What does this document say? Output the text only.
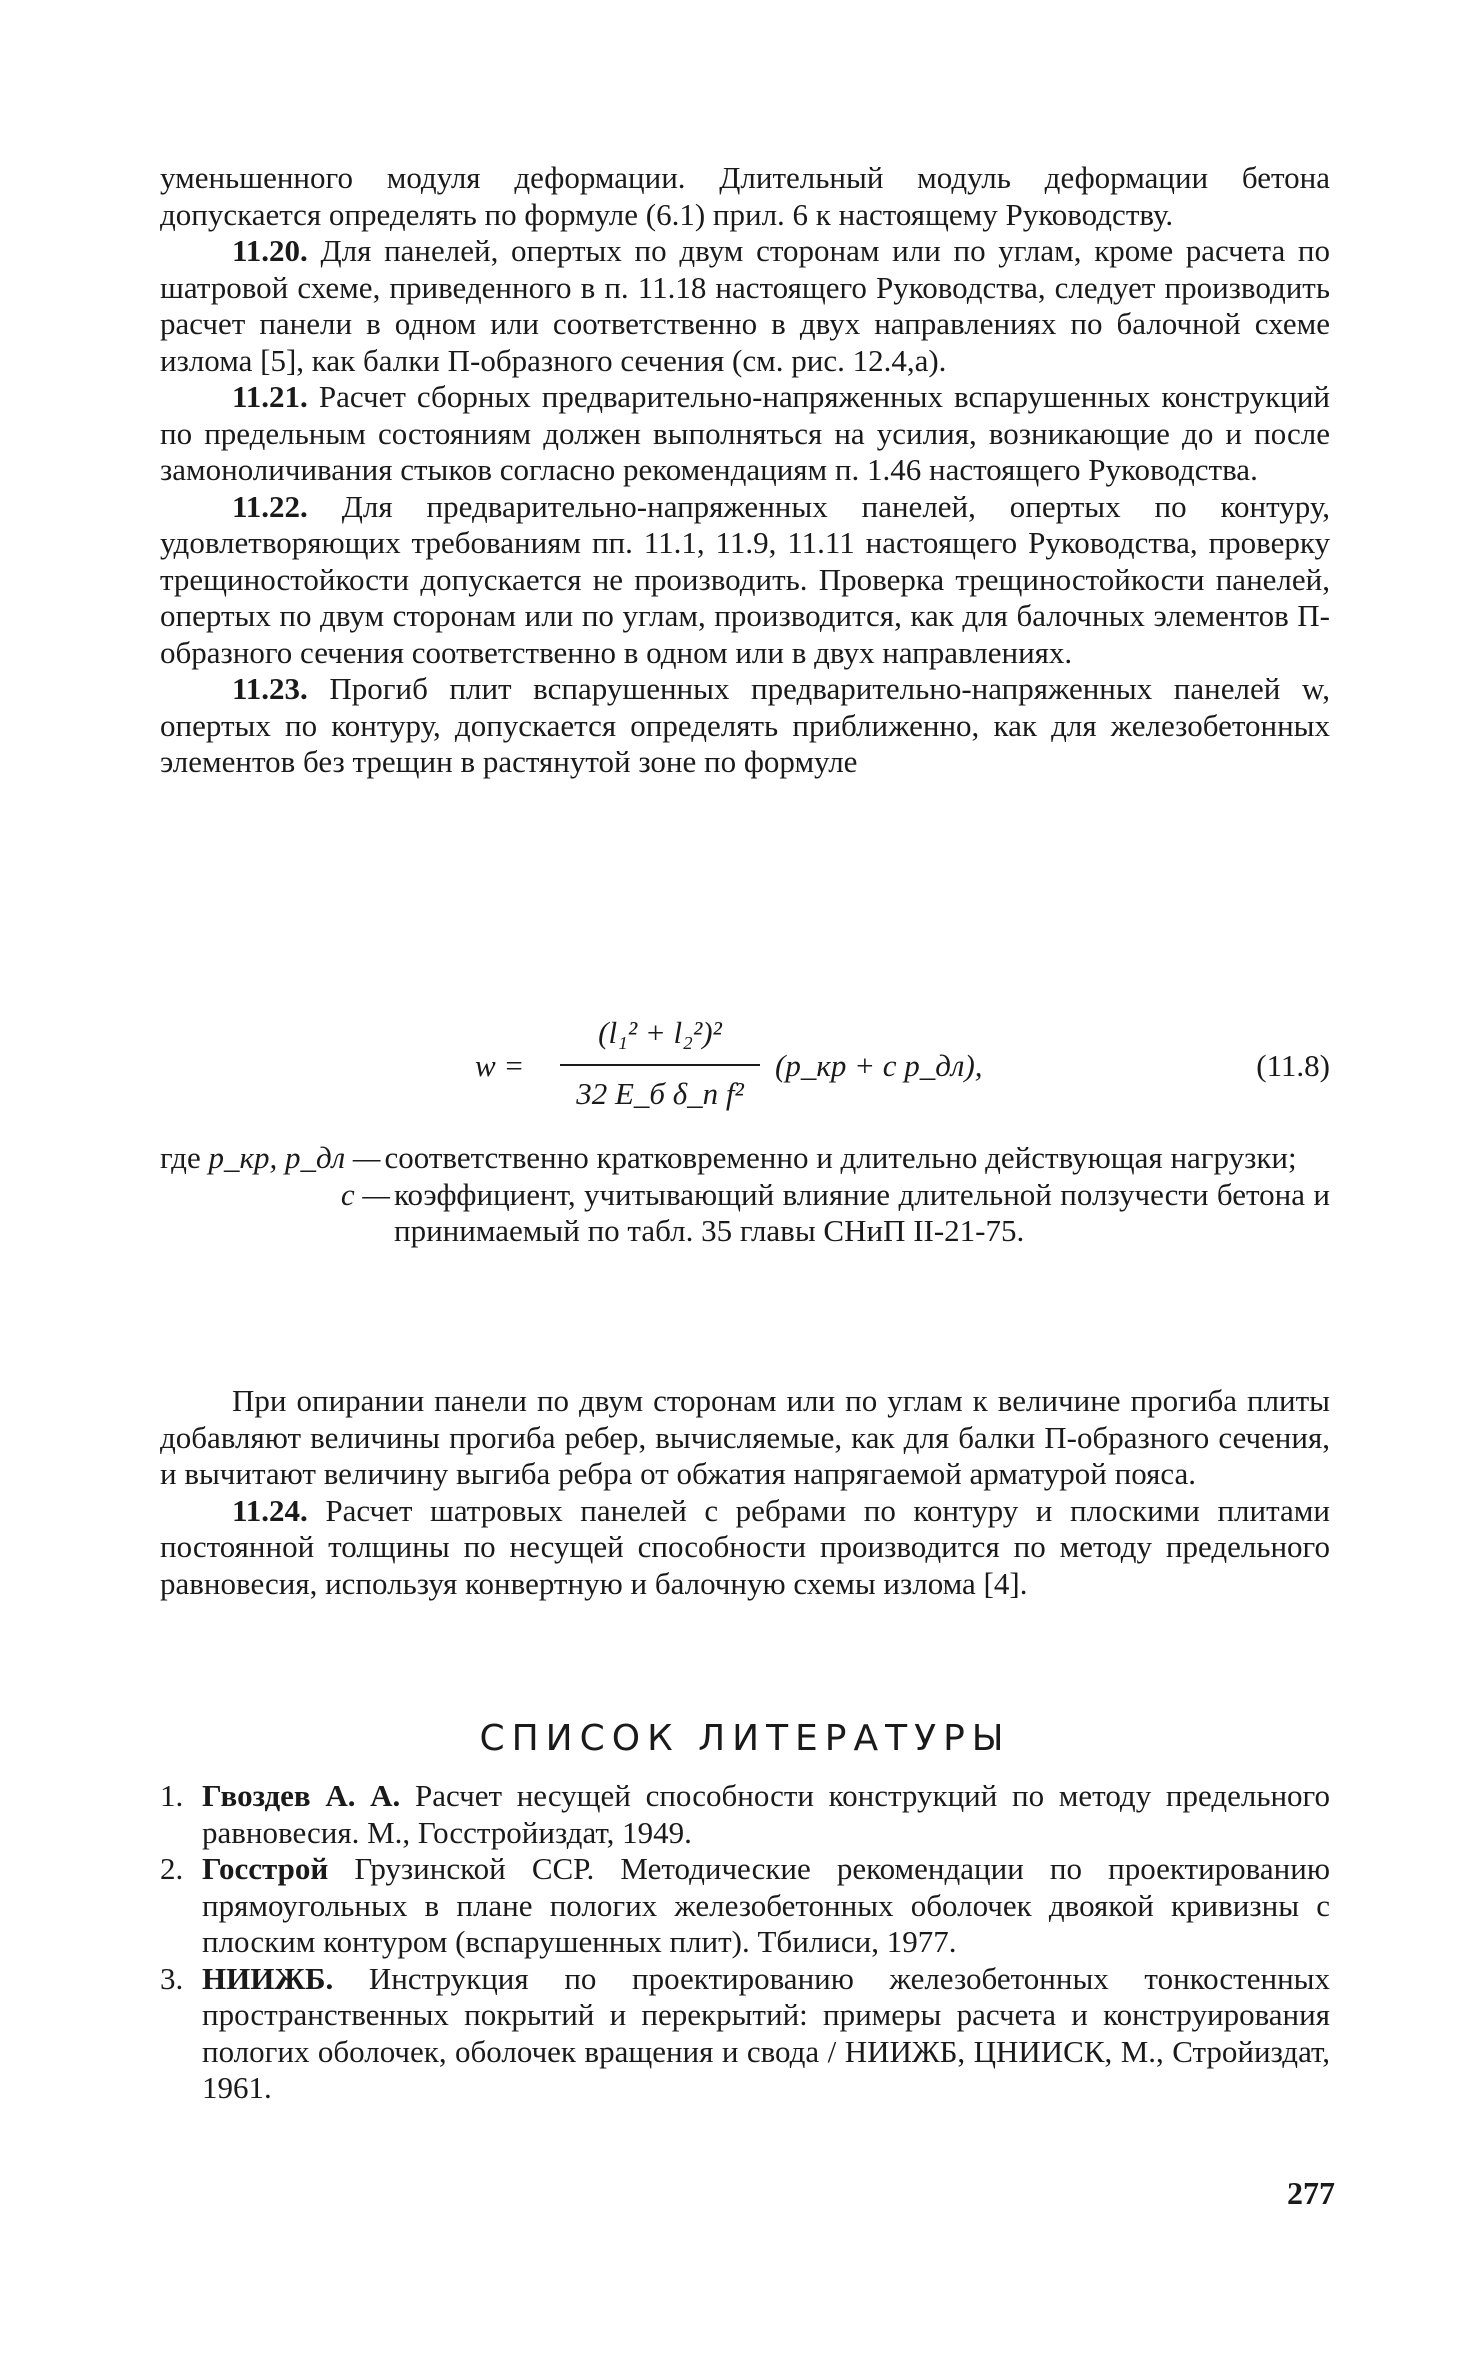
уменьшенного модуля деформации. Длительный модуль деформации бетона допускается определять по формуле (6.1) прил. 6 к настоящему Руководству.

11.20. Для панелей, опертых по двум сторонам или по углам, кроме расчета по шатровой схеме, приведенного в п. 11.18 настоящего Руководства, следует производить расчет панели в одном или соответственно в двух направлениях по балочной схеме излома [5], как балки П-образного сечения (см. рис. 12.4,а).

11.21. Расчет сборных предварительно-напряженных вспарушенных конструкций по предельным состояниям должен выполняться на усилия, возникающие до и после замоноличивания стыков согласно рекомендациям п. 1.46 настоящего Руководства.

11.22. Для предварительно-напряженных панелей, опертых по контуру, удовлетворяющих требованиям пп. 11.1, 11.9, 11.11 настоящего Руководства, проверку трещиностойкости допускается не производить. Проверка трещиностойкости панелей, опертых по двум сторонам или по углам, производится, как для балочных элементов П-образного сечения соответственно в одном или в двух направлениях.

11.23. Прогиб плит вспарушенных предварительно-напряженных панелей w, опертых по контуру, допускается определять приближенно, как для железобетонных элементов без трещин в растянутой зоне по формуле

w =
(l₁² + l₂²)²
32 E_б δ_п f²
(p_кр + c p_дл),	(11.8)
где p_кр, p_дл — соответственно кратковременно и длительно действующая нагрузки;
c — коэффициент, учитывающий влияние длительной ползучести бетона и принимаемый по табл. 35 главы СНиП II-21-75.

При опирании панели по двум сторонам или по углам к величине прогиба плиты добавляют величины прогиба ребер, вычисляемые, как для балки П-образного сечения, и вычитают величину выгиба ребра от обжатия напрягаемой арматурой пояса.

11.24. Расчет шатровых панелей с ребрами по контуру и плоскими плитами постоянной толщины по несущей способности производится по методу предельного равновесия, используя конвертную и балочную схемы излома [4].

СПИСОК ЛИТЕРАТУРЫ
1. Гвоздев А. А. Расчет несущей способности конструкций по методу предельного равновесия. М., Госстройиздат, 1949.
2. Госстрой Грузинской ССР. Методические рекомендации по проектированию прямоугольных в плане пологих железобетонных оболочек двоякой кривизны с плоским контуром (вспарушенных плит). Тбилиси, 1977.
3. НИИЖБ. Инструкция по проектированию железобетонных тонкостенных пространственных покрытий и перекрытий: примеры расчета и конструирования пологих оболочек, оболочек вращения и свода / НИИЖБ, ЦНИИСК, М., Стройиздат, 1961.
277
